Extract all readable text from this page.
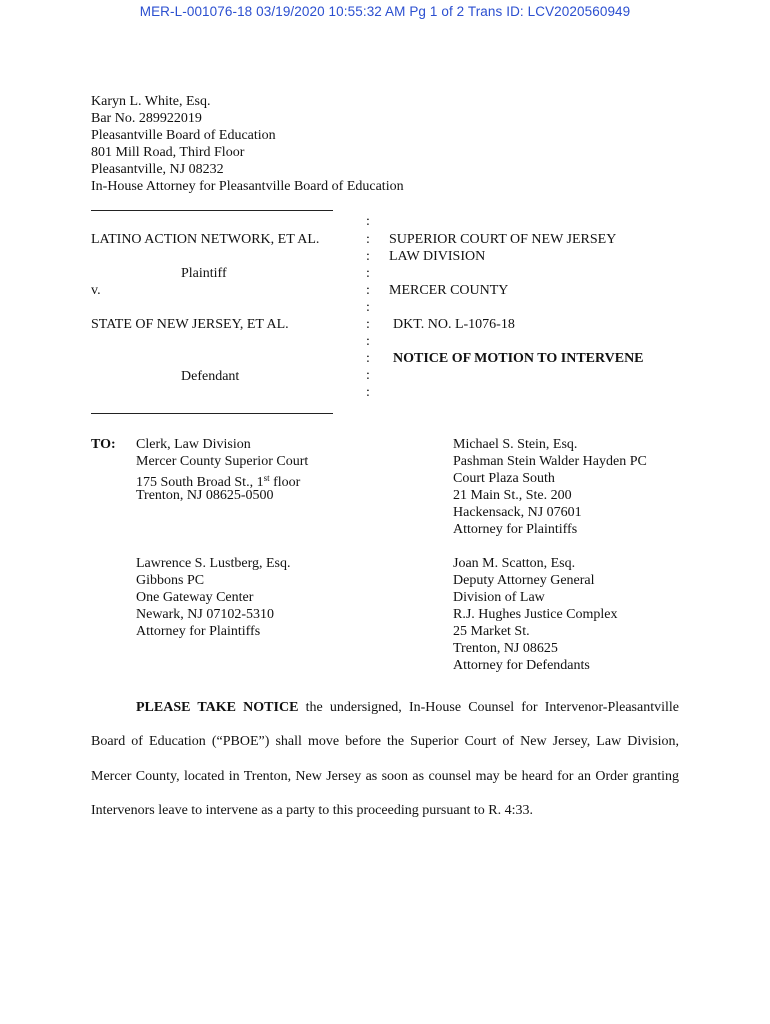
MER-L-001076-18 03/19/2020 10:55:32 AM Pg 1 of 2 Trans ID: LCV2020560949
Karyn L. White, Esq.
Bar No. 289922019
Pleasantville Board of Education
801 Mill Road, Third Floor
Pleasantville, NJ 08232
In-House Attorney for Pleasantville Board of Education
:
:
:
:
:
:
:
:
:
:
:
LATINO ACTION NETWORK, ET AL.
Plaintiff
v.
STATE OF NEW JERSEY, ET AL.
Defendant
SUPERIOR COURT OF NEW JERSEY
LAW DIVISION
MERCER COUNTY
DKT. NO. L-1076-18
NOTICE OF MOTION TO INTERVENE
TO: Clerk, Law Division
Mercer County Superior Court
175 South Broad St., 1st floor
Trenton, NJ 08625-0500
Michael S. Stein, Esq.
Pashman Stein Walder Hayden PC
Court Plaza South
21 Main St., Ste. 200
Hackensack, NJ 07601
Attorney for Plaintiffs
Lawrence S. Lustberg, Esq.
Gibbons PC
One Gateway Center
Newark, NJ 07102-5310
Attorney for Plaintiffs
Joan M. Scatton, Esq.
Deputy Attorney General
Division of Law
R.J. Hughes Justice Complex
25 Market St.
Trenton, NJ 08625
Attorney for Defendants

PLEASE TAKE NOTICE the undersigned, In-House Counsel for Intervenor-Pleasantville Board of Education (“PBOE”) shall move before the Superior Court of New Jersey, Law Division, Mercer County, located in Trenton, New Jersey as soon as counsel may be heard for an Order granting Intervenors leave to intervene as a party to this proceeding pursuant to R. 4:33.
